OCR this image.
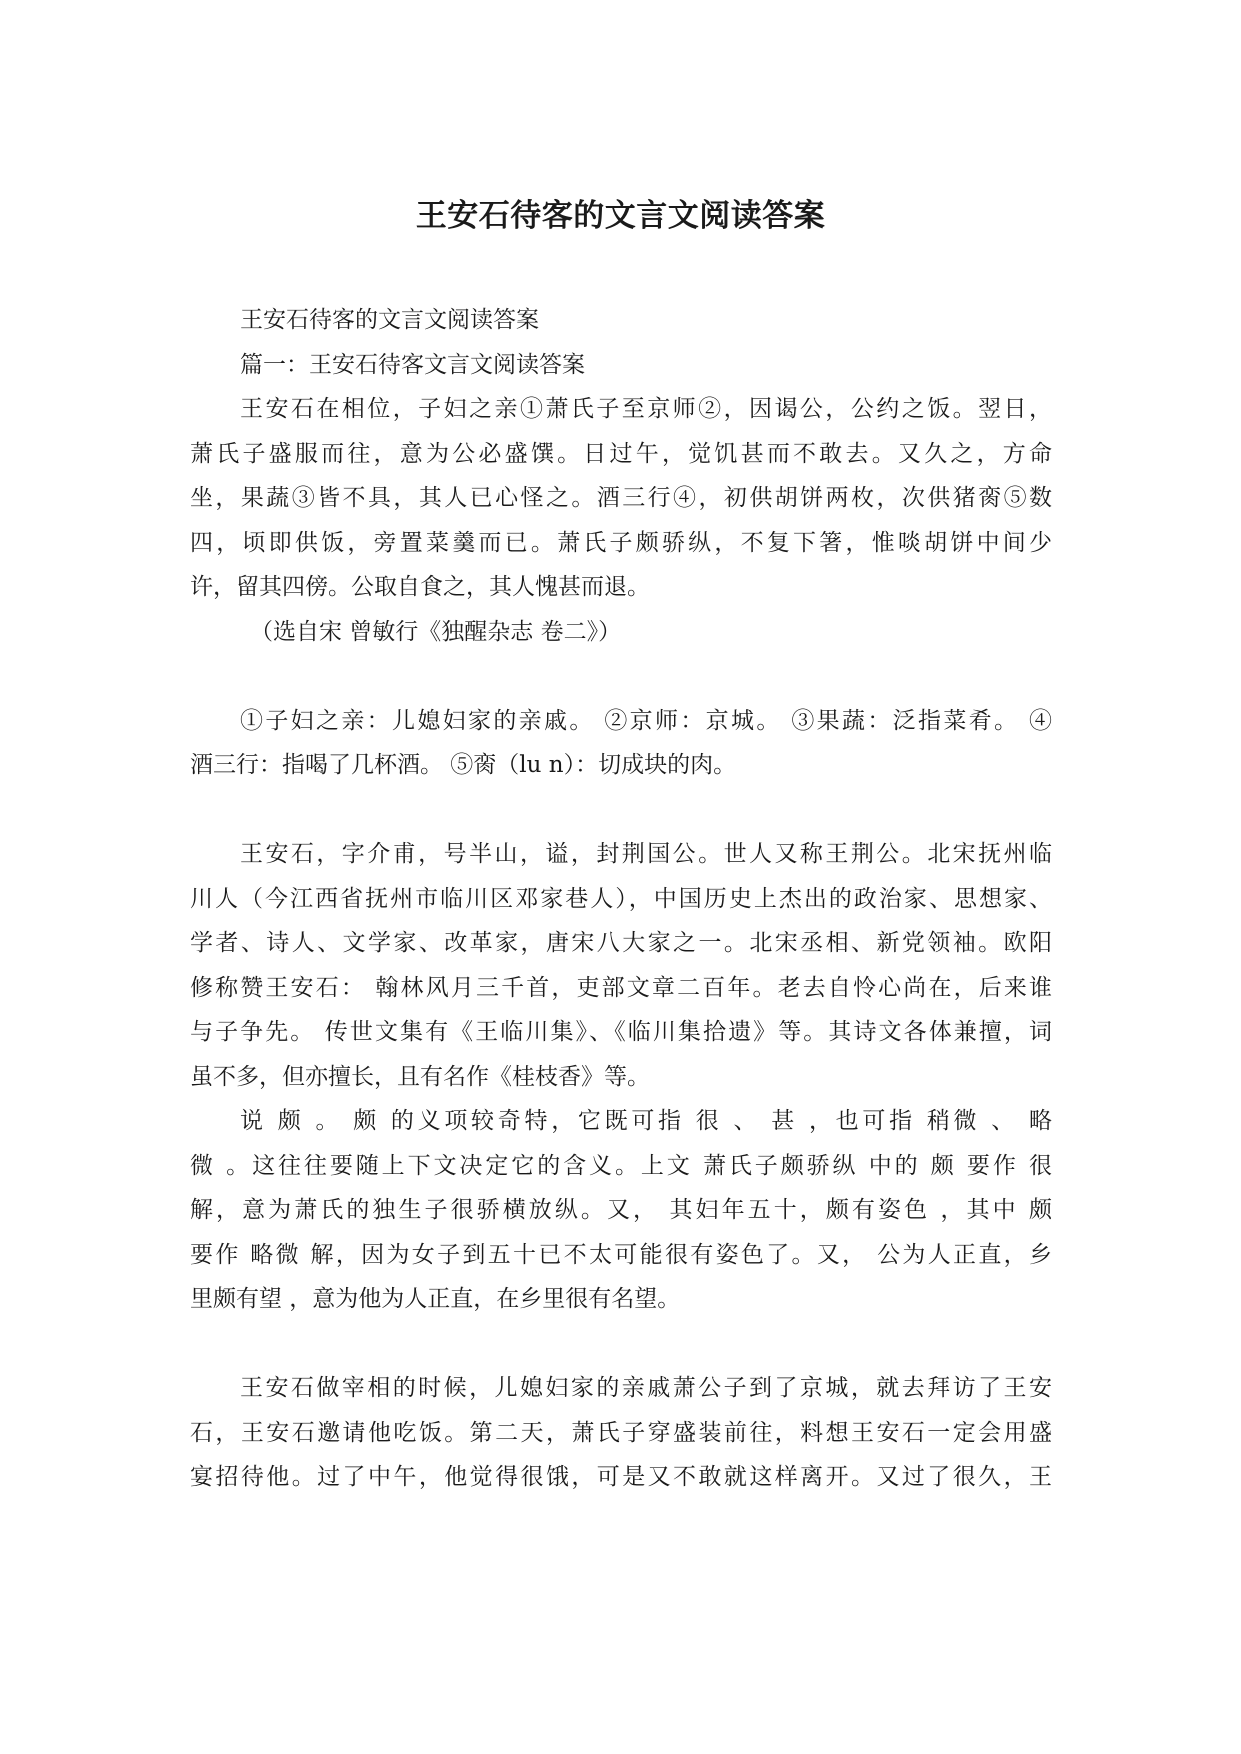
王安石待客的文言文阅读答案
王安石待客的文言文阅读答案
篇一：王安石待客文言文阅读答案
王安石在相位，子妇之亲①萧氏子至京师②，因谒公，公约之饭。翌日，
萧氏子盛服而往，意为公必盛馔。日过午，觉饥甚而不敢去。又久之，方命
坐，果蔬③皆不具，其人已心怪之。酒三行④，初供胡饼两枚，次供猪脔⑤数
四，顷即供饭，旁置菜羹而已。萧氏子颇骄纵，不复下箸，惟啖胡饼中间少
许，留其四傍。公取自食之，其人愧甚而退。
（选自宋 曾敏行《独醒杂志 卷二》）
①子妇之亲：儿媳妇家的亲戚。 ②京师：京城。 ③果蔬：泛指菜肴。 ④
酒三行：指喝了几杯酒。 ⑤脔（lu n）：切成块的肉。
王安石，字介甫，号半山，谥，封荆国公。世人又称王荆公。北宋抚州临
川人（今江西省抚州市临川区邓家巷人），中国历史上杰出的政治家、思想家、
学者、诗人、文学家、改革家，唐宋八大家之一。北宋丞相、新党领袖。欧阳
修称赞王安石： 翰林风月三千首，吏部文章二百年。老去自怜心尚在，后来谁
与子争先。 传世文集有《王临川集》、《临川集拾遗》等。其诗文各体兼擅，词
虽不多，但亦擅长，且有名作《桂枝香》等。
说 颇 。 颇 的义项较奇特，它既可指 很 、 甚 ，也可指 稍微 、 略
微 。这往往要随上下文决定它的含义。上文 萧氏子颇骄纵 中的 颇 要作 很
解，意为萧氏的独生子很骄横放纵。又， 其妇年五十，颇有姿色 ，其中 颇
要作 略微 解，因为女子到五十已不太可能很有姿色了。又， 公为人正直，乡
里颇有望 ，意为他为人正直，在乡里很有名望。
王安石做宰相的时候，儿媳妇家的亲戚萧公子到了京城，就去拜访了王安
石，王安石邀请他吃饭。第二天，萧氏子穿盛装前往，料想王安石一定会用盛
宴招待他。过了中午，他觉得很饿，可是又不敢就这样离开。又过了很久，王
